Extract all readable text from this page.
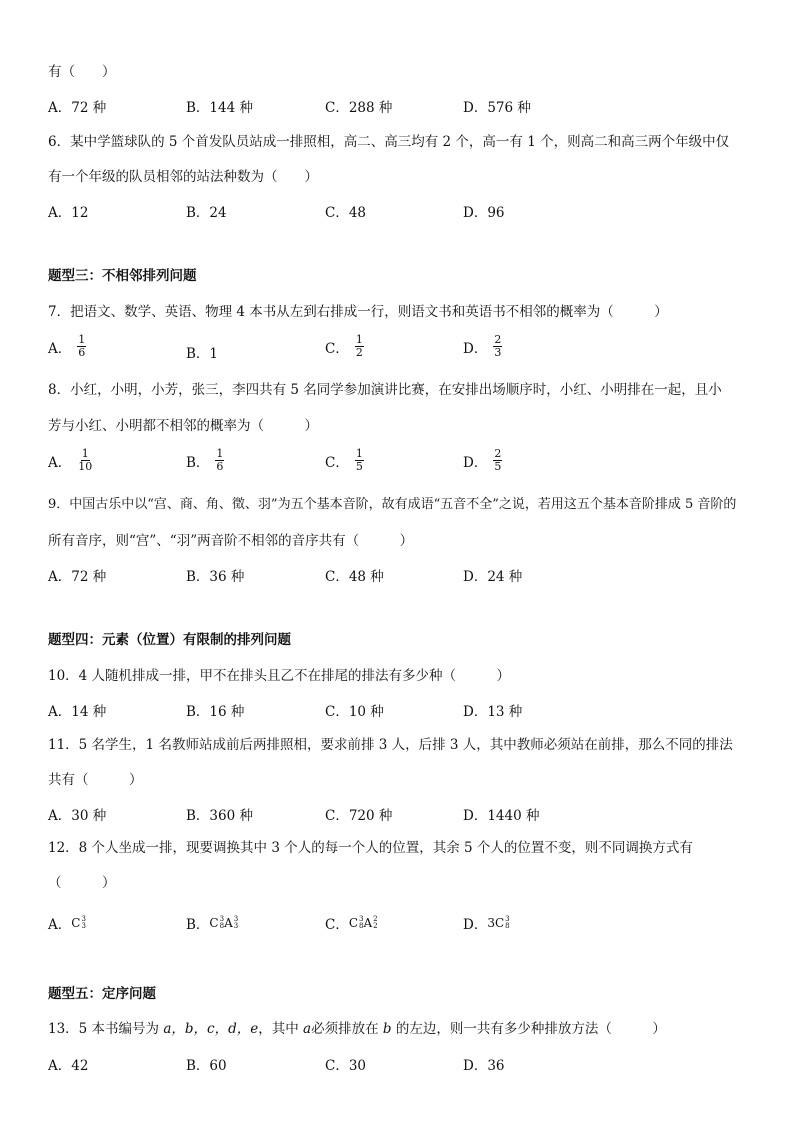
有（　　）
A．72 种	B．144 种	C．288 种	D．576 种
6．某中学篮球队的 5 个首发队员站成一排照相，高二、高三均有 2 个，高一有 1 个，则高二和高三两个年级中仅
有一个年级的队员相邻的站法种数为（　　）
A．12	B．24	C．48	D．96
题型三：不相邻排列问题
7．把语文、数学、英语、物理 4 本书从左到右排成一行，则语文书和英语书不相邻的概率为（　　　）
A． $\frac{1}{6}$	B．1	C． $\frac{1}{2}$	D． $\frac{2}{3}$
8．小红，小明，小芳，张三，李四共有 5 名同学参加演讲比赛，在安排出场顺序时，小红、小明排在一起，且小
芳与小红、小明都不相邻的概率为（　　　）
A． $\frac{1}{10}$	B． $\frac{1}{6}$	C． $\frac{1}{5}$	D． $\frac{2}{5}$
9．中国古乐中以“宫、商、角、徵、羽”为五个基本音阶，故有成语“五音不全”之说，若用这五个基本音阶排成 5 音阶的
所有音序，则“宫”、“羽”两音阶不相邻的音序共有（　　　）
A．72 种	B．36 种	C．48 种	D．24 种
题型四：元素（位置）有限制的排列问题
10．4 人随机排成一排，甲不在排头且乙不在排尾的排法有多少种（　　　）
A．14 种	B．16 种	C．10 种	D．13 种
11．5 名学生，1 名教师站成前后两排照相，要求前排 3 人，后排 3 人，其中教师必须站在前排，那么不同的排法
共有（　　　）
A．30 种	B．360 种	C．720 种	D．1440 种
12．8 个人坐成一排，现要调换其中 3 个人的每一个人的位置，其余 5 个人的位置不变，则不同调换方式有
（　　　）
A． C 3
3	B． C 3
8 A 3
3	C． C 3
8 A 2
2	D． 3 C 3
8
题型五：定序问题
13．5 本书编号为 a，b，c，d，e，其中 a必须排放在 b 的左边，则一共有多少种排放方法（　　　）
A．42	B．60	C．30	D．36
